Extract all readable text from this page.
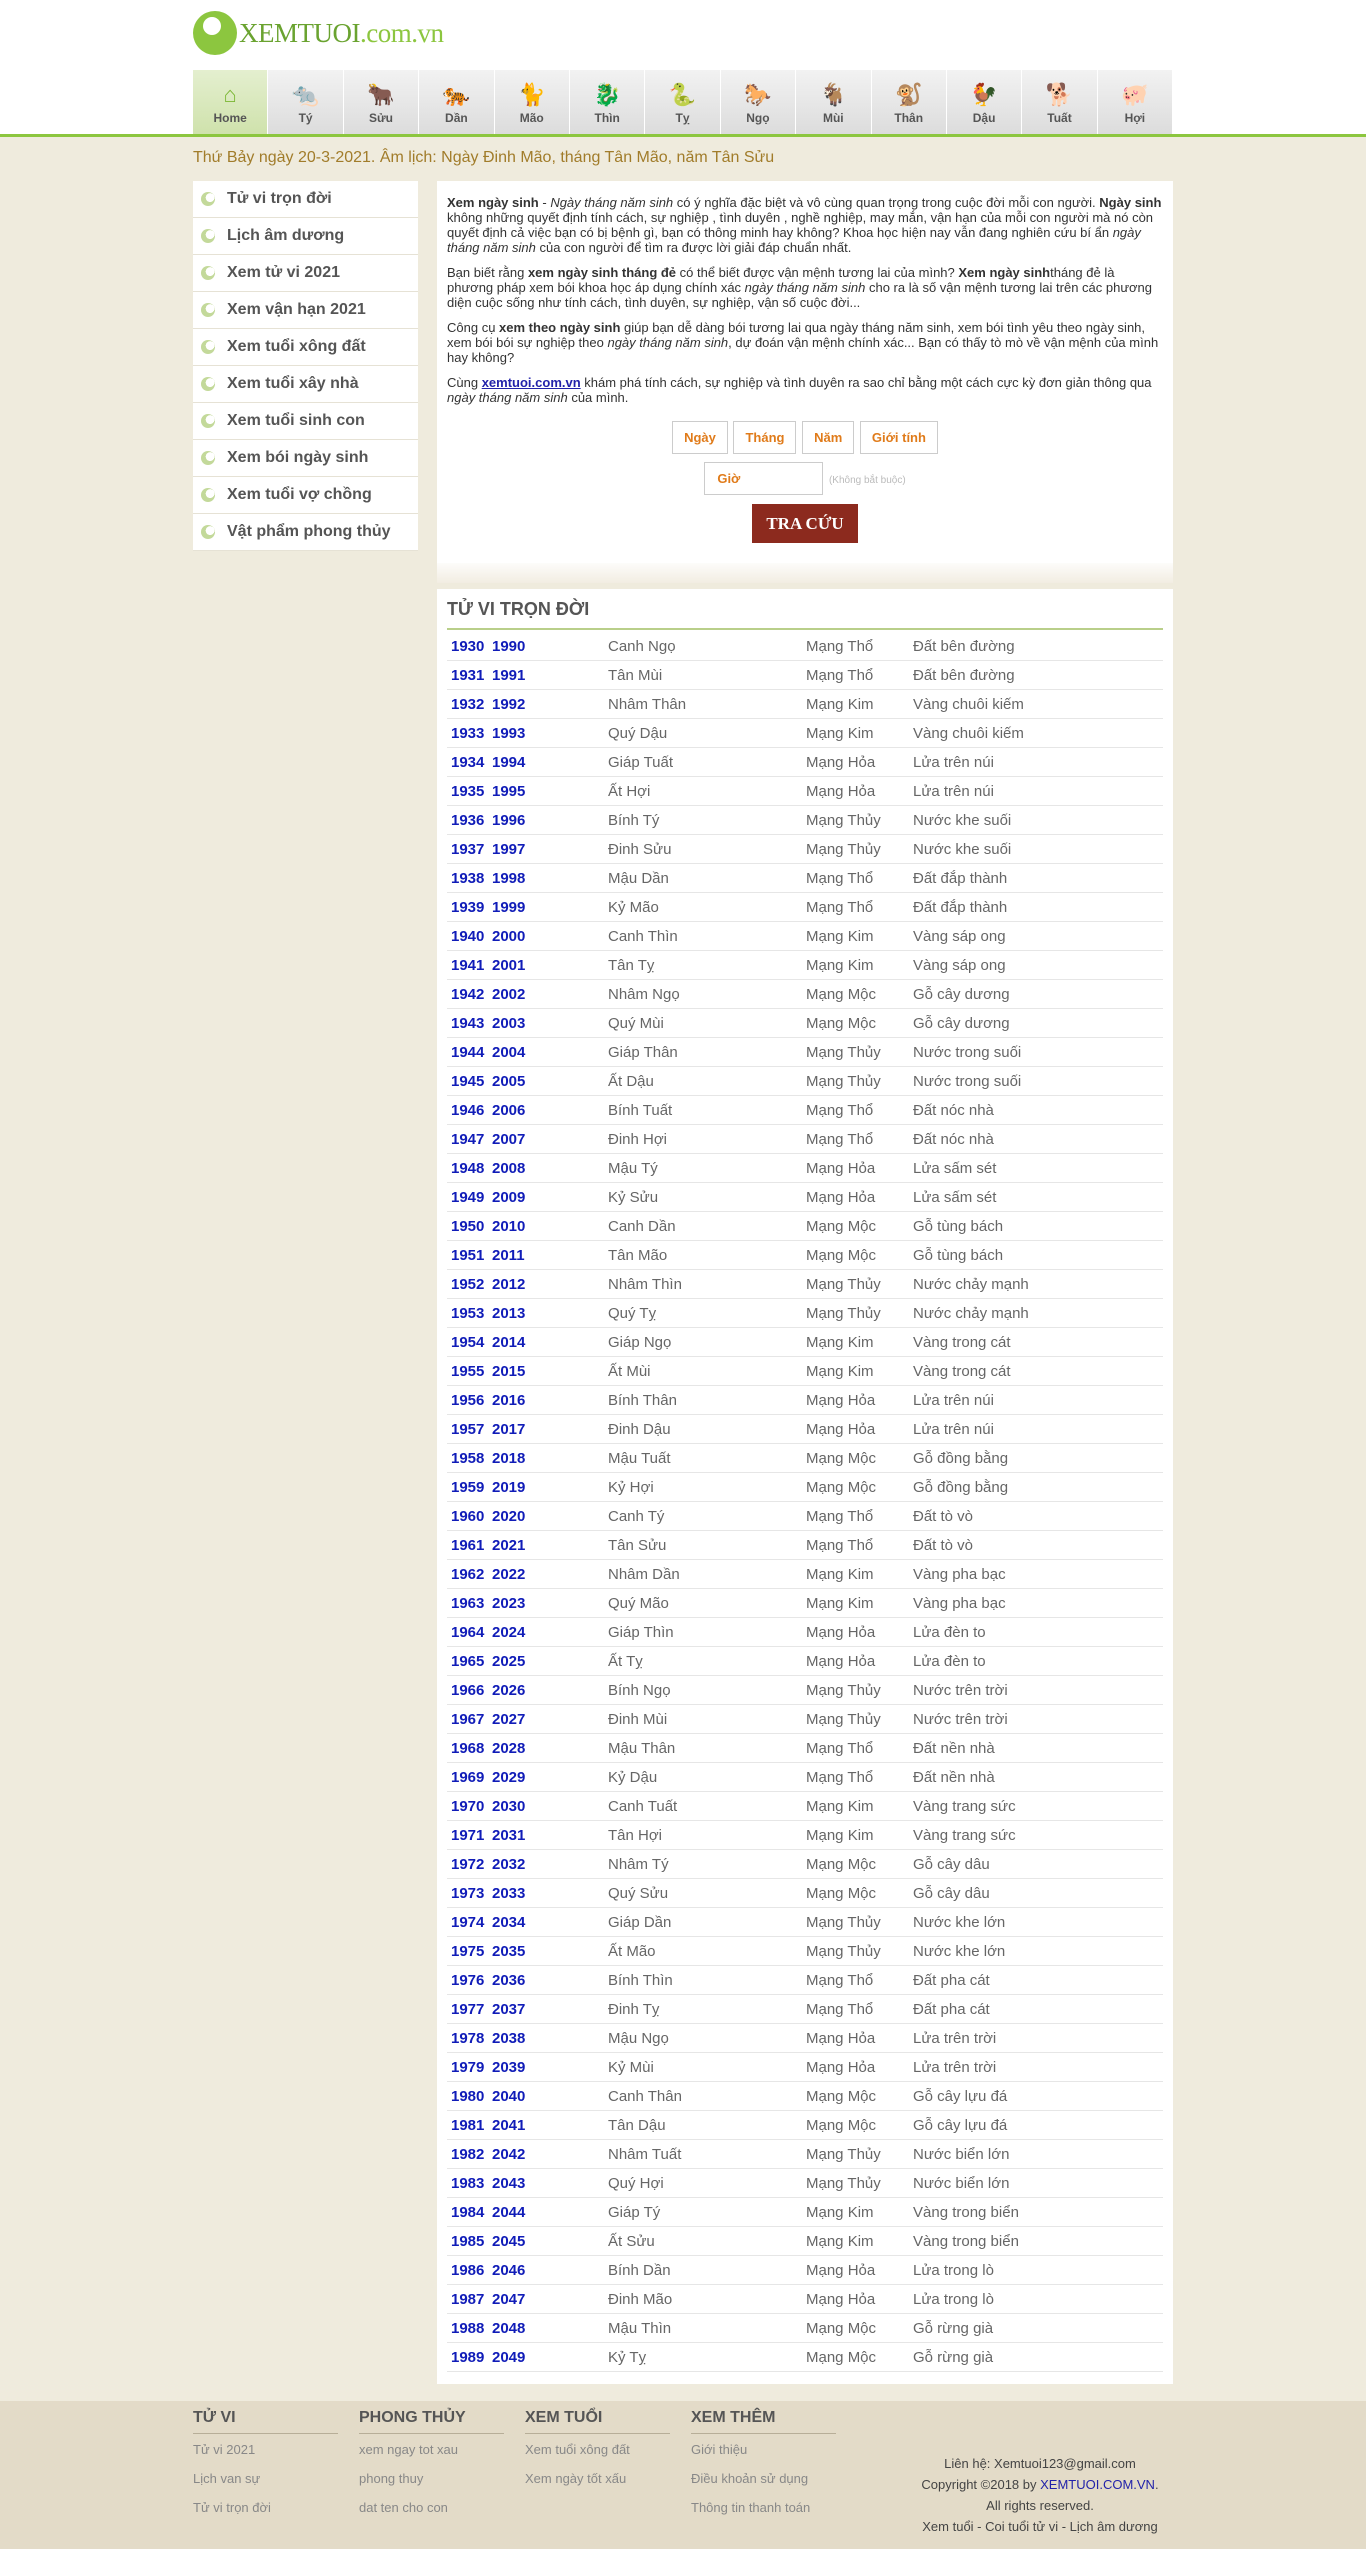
XEMTUOI.com.vn
⌂
Home
🐀
Tý
🐂
Sửu
🐅
Dần
🐈
Mão
🐉
Thìn
🐍
Tỵ
🐎
Ngọ
🐐
Mùi
🐒
Thân
🐓
Dậu
🐕
Tuất
🐖
Hợi
Thứ Bảy ngày 20-3-2021. Âm lịch: Ngày Đinh Mão, tháng Tân Mão, năm Tân Sửu
Tử vi trọn đời
Lịch âm dương
Xem tử vi 2021
Xem vận hạn 2021
Xem tuổi xông đất
Xem tuổi xây nhà
Xem tuổi sinh con
Xem bói ngày sinh
Xem tuổi vợ chồng
Vật phẩm phong thủy

Xem ngày sinh - Ngày tháng năm sinh có ý nghĩa đặc biệt và vô cùng quan trọng trong cuộc đời mỗi con người. Ngày sinh không những quyết định tính cách, sự nghiệp , tình duyên , nghề nghiệp, may mắn, vận hạn của mỗi con người mà nó còn quyết định cả việc bạn có bị bệnh gì, bạn có thông minh hay không? Khoa học hiện nay vẫn đang nghiên cứu bí ẩn ngày tháng năm sinh của con người để tìm ra được lời giải đáp chuẩn nhất.

Bạn biết rằng xem ngày sinh tháng đẻ có thể biết được vận mệnh tương lai của mình? Xem ngày sinhtháng đẻ là phương pháp xem bói khoa học áp dụng chính xác ngày tháng năm sinh cho ra là số vận mệnh tương lai trên các phương diện cuộc sống như tính cách, tình duyên, sự nghiệp, vận số cuộc đời...

Công cụ xem theo ngày sinh giúp bạn dễ dàng bói tương lai qua ngày tháng năm sinh, xem bói tình yêu theo ngày sinh, xem bói bói sự nghiệp theo ngày tháng năm sinh, dự đoán vận mệnh chính xác... Bạn có thấy tò mò về vận mệnh của mình hay không?

Cùng xemtuoi.com.vn khám phá tính cách, sự nghiệp và tình duyên ra sao chỉ bằng một cách cực kỳ đơn giản thông qua ngày tháng năm sinh của mình.

Ngày Tháng Năm Giới tính
Giờ	(Không bắt buộc)
TRA CỨU
TỬ VI TRỌN ĐỜI
1930 1990	Canh Ngọ	Mạng Thổ	Đất bên đường
1931 1991	Tân Mùi	Mạng Thổ	Đất bên đường
1932 1992	Nhâm Thân	Mạng Kim	Vàng chuôi kiếm
1933 1993	Quý Dậu	Mạng Kim	Vàng chuôi kiếm
1934 1994	Giáp Tuất	Mạng Hỏa	Lửa trên núi
1935 1995	Ất Hợi	Mạng Hỏa	Lửa trên núi
1936 1996	Bính Tý	Mạng Thủy	Nước khe suối
1937 1997	Đinh Sửu	Mạng Thủy	Nước khe suối
1938 1998	Mậu Dần	Mạng Thổ	Đất đắp thành
1939 1999	Kỷ Mão	Mạng Thổ	Đất đắp thành
1940 2000	Canh Thìn	Mạng Kim	Vàng sáp ong
1941 2001	Tân Tỵ	Mạng Kim	Vàng sáp ong
1942 2002	Nhâm Ngọ	Mạng Mộc	Gỗ cây dương
1943 2003	Quý Mùi	Mạng Mộc	Gỗ cây dương
1944 2004	Giáp Thân	Mạng Thủy	Nước trong suối
1945 2005	Ất Dậu	Mạng Thủy	Nước trong suối
1946 2006	Bính Tuất	Mạng Thổ	Đất nóc nhà
1947 2007	Đinh Hợi	Mạng Thổ	Đất nóc nhà
1948 2008	Mậu Tý	Mạng Hỏa	Lửa sấm sét
1949 2009	Kỷ Sửu	Mạng Hỏa	Lửa sấm sét
1950 2010	Canh Dần	Mạng Mộc	Gỗ tùng bách
1951 2011	Tân Mão	Mạng Mộc	Gỗ tùng bách
1952 2012	Nhâm Thìn	Mạng Thủy	Nước chảy mạnh
1953 2013	Quý Tỵ	Mạng Thủy	Nước chảy mạnh
1954 2014	Giáp Ngọ	Mạng Kim	Vàng trong cát
1955 2015	Ất Mùi	Mạng Kim	Vàng trong cát
1956 2016	Bính Thân	Mạng Hỏa	Lửa trên núi
1957 2017	Đinh Dậu	Mạng Hỏa	Lửa trên núi
1958 2018	Mậu Tuất	Mạng Mộc	Gỗ đồng bằng
1959 2019	Kỷ Hợi	Mạng Mộc	Gỗ đồng bằng
1960 2020	Canh Tý	Mạng Thổ	Đất tò vò
1961 2021	Tân Sửu	Mạng Thổ	Đất tò vò
1962 2022	Nhâm Dần	Mạng Kim	Vàng pha bạc
1963 2023	Quý Mão	Mạng Kim	Vàng pha bạc
1964 2024	Giáp Thìn	Mạng Hỏa	Lửa đèn to
1965 2025	Ất Tỵ	Mạng Hỏa	Lửa đèn to
1966 2026	Bính Ngọ	Mạng Thủy	Nước trên trời
1967 2027	Đinh Mùi	Mạng Thủy	Nước trên trời
1968 2028	Mậu Thân	Mạng Thổ	Đất nền nhà
1969 2029	Kỷ Dậu	Mạng Thổ	Đất nền nhà
1970 2030	Canh Tuất	Mạng Kim	Vàng trang sức
1971 2031	Tân Hợi	Mạng Kim	Vàng trang sức
1972 2032	Nhâm Tý	Mạng Mộc	Gỗ cây dâu
1973 2033	Quý Sửu	Mạng Mộc	Gỗ cây dâu
1974 2034	Giáp Dần	Mạng Thủy	Nước khe lớn
1975 2035	Ất Mão	Mạng Thủy	Nước khe lớn
1976 2036	Bính Thìn	Mạng Thổ	Đất pha cát
1977 2037	Đinh Tỵ	Mạng Thổ	Đất pha cát
1978 2038	Mậu Ngọ	Mạng Hỏa	Lửa trên trời
1979 2039	Kỷ Mùi	Mạng Hỏa	Lửa trên trời
1980 2040	Canh Thân	Mạng Mộc	Gỗ cây lựu đá
1981 2041	Tân Dậu	Mạng Mộc	Gỗ cây lựu đá
1982 2042	Nhâm Tuất	Mạng Thủy	Nước biển lớn
1983 2043	Quý Hợi	Mạng Thủy	Nước biển lớn
1984 2044	Giáp Tý	Mạng Kim	Vàng trong biển
1985 2045	Ất Sửu	Mạng Kim	Vàng trong biển
1986 2046	Bính Dần	Mạng Hỏa	Lửa trong lò
1987 2047	Đinh Mão	Mạng Hỏa	Lửa trong lò
1988 2048	Mậu Thìn	Mạng Mộc	Gỗ rừng già
1989 2049	Kỷ Tỵ	Mạng Mộc	Gỗ rừng già
TỬ VI
Tử vi 2021
Lịch van sự
Tử vi trọn đời
PHONG THỦY
xem ngay tot xau
phong thuy
dat ten cho con
XEM TUỔI
Xem tuổi xông đất
Xem ngày tốt xấu
XEM THÊM
Giới thiệu
Điều khoản sử dụng
Thông tin thanh toán
Liên hệ: Xemtuoi123@gmail.com
Copyright ©2018 by XEMTUOI.COM.VN.
All rights reserved.
Xem tuổi - Coi tuổi tử vi - Lịch âm dương
